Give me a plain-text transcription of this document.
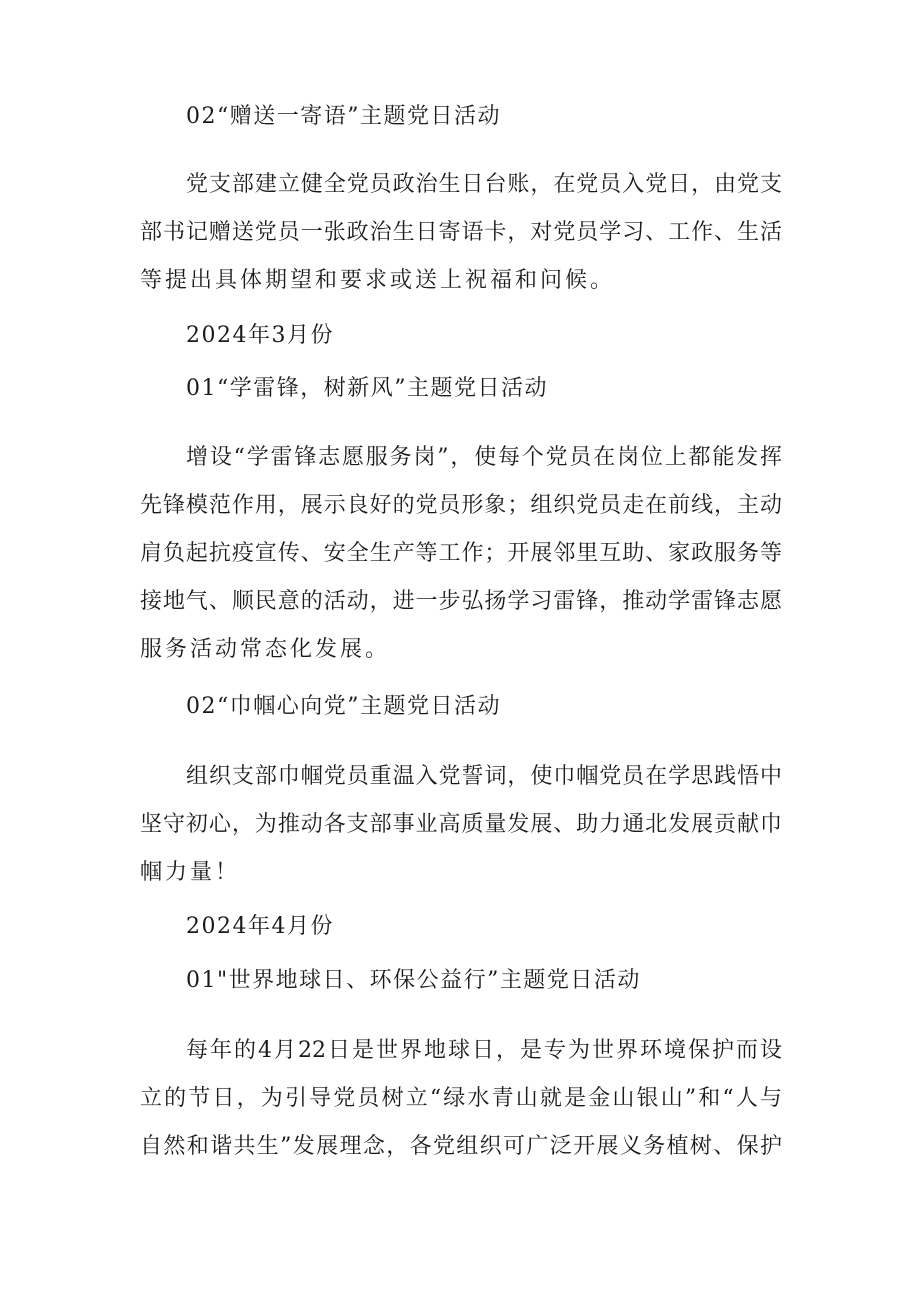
02“赠送一寄语”主题党日活动
党支部建立健全党员政治生日台账，在党员入党日，由党支
部书记赠送党员一张政治生日寄语卡，对党员学习、工作、生活
等提出具体期望和要求或送上祝福和问候。
2024年3月份
01“学雷锋，树新风”主题党日活动
增设“学雷锋志愿服务岗”，使每个党员在岗位上都能发挥
先锋模范作用，展示良好的党员形象；组织党员走在前线，主动
肩负起抗疫宣传、安全生产等工作；开展邻里互助、家政服务等
接地气、顺民意的活动，进一步弘扬学习雷锋，推动学雷锋志愿
服务活动常态化发展。
02“巾帼心向党”主题党日活动
组织支部巾帼党员重温入党誓词，使巾帼党员在学思践悟中
坚守初心，为推动各支部事业高质量发展、助力通北发展贡献巾
帼力量！
2024年4月份
01"世界地球日、环保公益行”主题党日活动
每年的4月22日是世界地球日，是专为世界环境保护而设
立的节日，为引导党员树立“绿水青山就是金山银山”和“人与
自然和谐共生”发展理念，各党组织可广泛开展义务植树、保护
